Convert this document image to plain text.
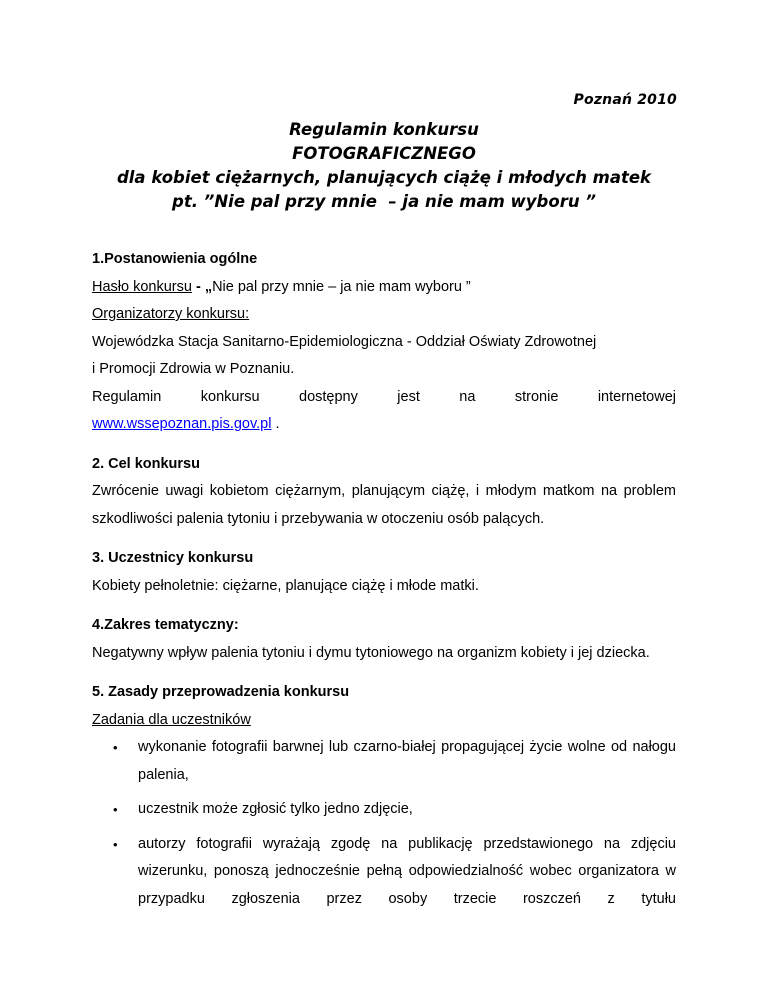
Poznań 2010
Regulamin konkursu
FOTOGRAFICZNEGO
dla kobiet ciężarnych, planujących ciążę i młodych matek
pt. ”Nie pal przy mnie  – ja nie mam wyboru ”

1.Postanowienia ogólne

Hasło konkursu - „Nie pal przy mnie – ja nie mam wyboru ”

Organizatorzy konkursu:

Wojewódzka Stacja Sanitarno-Epidemiologiczna - Oddział Oświaty Zdrowotnej

i Promocji Zdrowia w Poznaniu.

Regulamin	konkursu	dostępny	jest	na	stronie	internetowej

www.wssepoznan.pis.gov.pl .

2. Cel konkursu

Zwrócenie uwagi kobietom ciężarnym, planującym ciążę, i młodym matkom na problem szkodliwości palenia tytoniu i przebywania w otoczeniu osób palących.

3. Uczestnicy konkursu

Kobiety pełnoletnie: ciężarne, planujące ciążę i młode matki.

4.Zakres tematyczny:

Negatywny wpływ palenia tytoniu i dymu tytoniowego na organizm kobiety i jej dziecka.

5. Zasady przeprowadzenia konkursu

Zadania dla uczestników

• wykonanie fotografii barwnej lub czarno-białej propagującej życie wolne od nałogu palenia,
• uczestnik może zgłosić tylko jedno zdjęcie,
• autorzy fotografii wyrażają zgodę na publikację przedstawionego na zdjęciu wizerunku, ponoszą jednocześnie pełną odpowiedzialność wobec organizatora w przypadku zgłoszenia przez osoby trzecie roszczeń z tytułu
